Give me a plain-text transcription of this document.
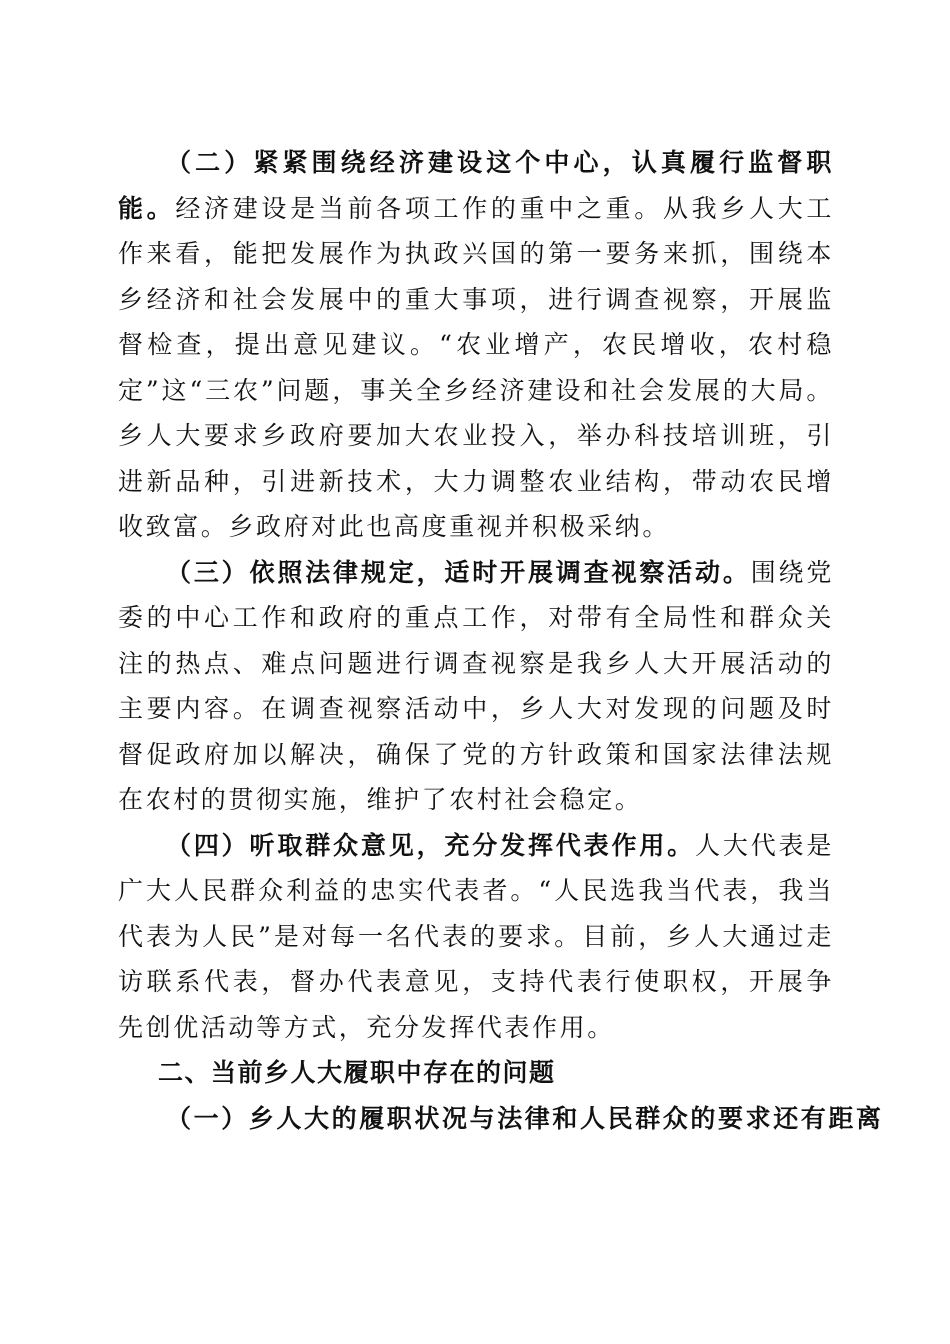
（二）紧紧围绕经济建设这个中心，认真履行监督职能。经济建设是当前各项工作的重中之重。从我乡人大工作来看，能把发展作为执政兴国的第一要务来抓，围绕本乡经济和社会发展中的重大事项，进行调查视察，开展监督检查，提出意见建议。“农业增产，农民增收，农村稳定”这“三农”问题，事关全乡经济建设和社会发展的大局。乡人大要求乡政府要加大农业投入，举办科技培训班，引进新品种，引进新技术，大力调整农业结构，带动农民增收致富。乡政府对此也高度重视并积极采纳。

（三）依照法律规定，适时开展调查视察活动。围绕党委的中心工作和政府的重点工作，对带有全局性和群众关注的热点、难点问题进行调查视察是我乡人大开展活动的主要内容。在调查视察活动中，乡人大对发现的问题及时督促政府加以解决，确保了党的方针政策和国家法律法规在农村的贯彻实施，维护了农村社会稳定。

（四）听取群众意见，充分发挥代表作用。人大代表是广大人民群众利益的忠实代表者。“人民选我当代表，我当代表为人民”是对每一名代表的要求。目前，乡人大通过走访联系代表，督办代表意见，支持代表行使职权，开展争先创优活动等方式，充分发挥代表作用。

二、当前乡人大履职中存在的问题

（一）乡人大的履职状况与法律和人民群众的要求还有距离
